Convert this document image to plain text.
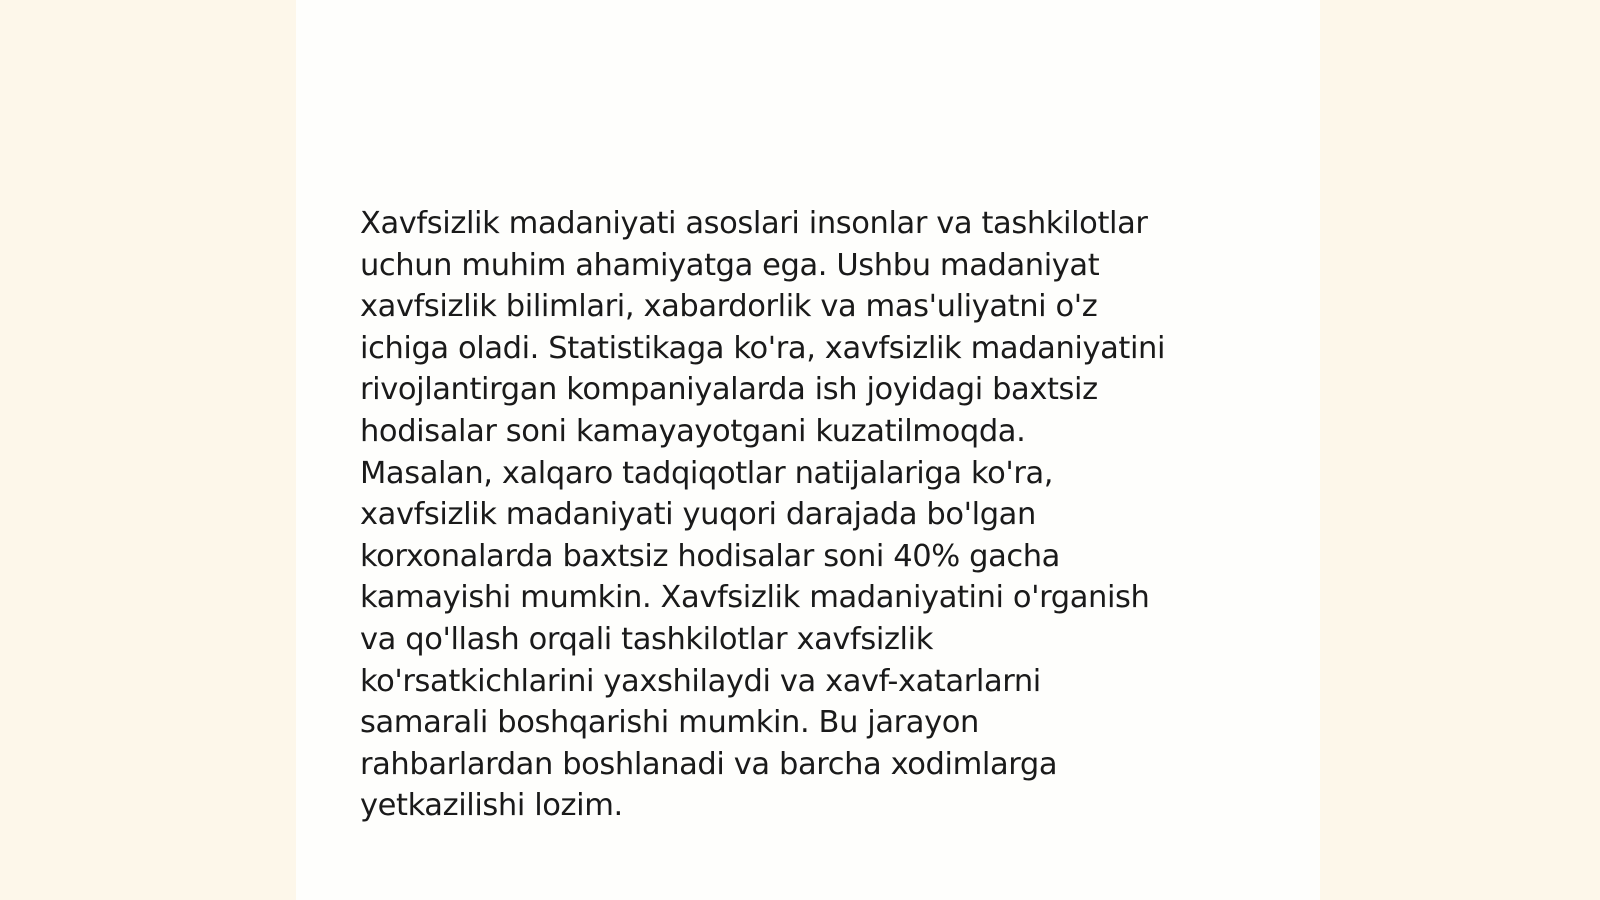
Xavfsizlik madaniyati asoslari insonlar va tashkilotlar
uchun muhim ahamiyatga ega. Ushbu madaniyat
xavfsizlik bilimlari, xabardorlik va mas'uliyatni o'z
ichiga oladi. Statistikaga ko'ra, xavfsizlik madaniyatini
rivojlantirgan kompaniyalarda ish joyidagi baxtsiz
hodisalar soni kamayayotgani kuzatilmoqda.
Masalan, xalqaro tadqiqotlar natijalariga ko'ra,
xavfsizlik madaniyati yuqori darajada bo'lgan
korxonalarda baxtsiz hodisalar soni 40% gacha
kamayishi mumkin. Xavfsizlik madaniyatini o'rganish
va qo'llash orqali tashkilotlar xavfsizlik
ko'rsatkichlarini yaxshilaydi va xavf-xatarlarni
samarali boshqarishi mumkin. Bu jarayon
rahbarlardan boshlanadi va barcha xodimlarga
yetkazilishi lozim.
